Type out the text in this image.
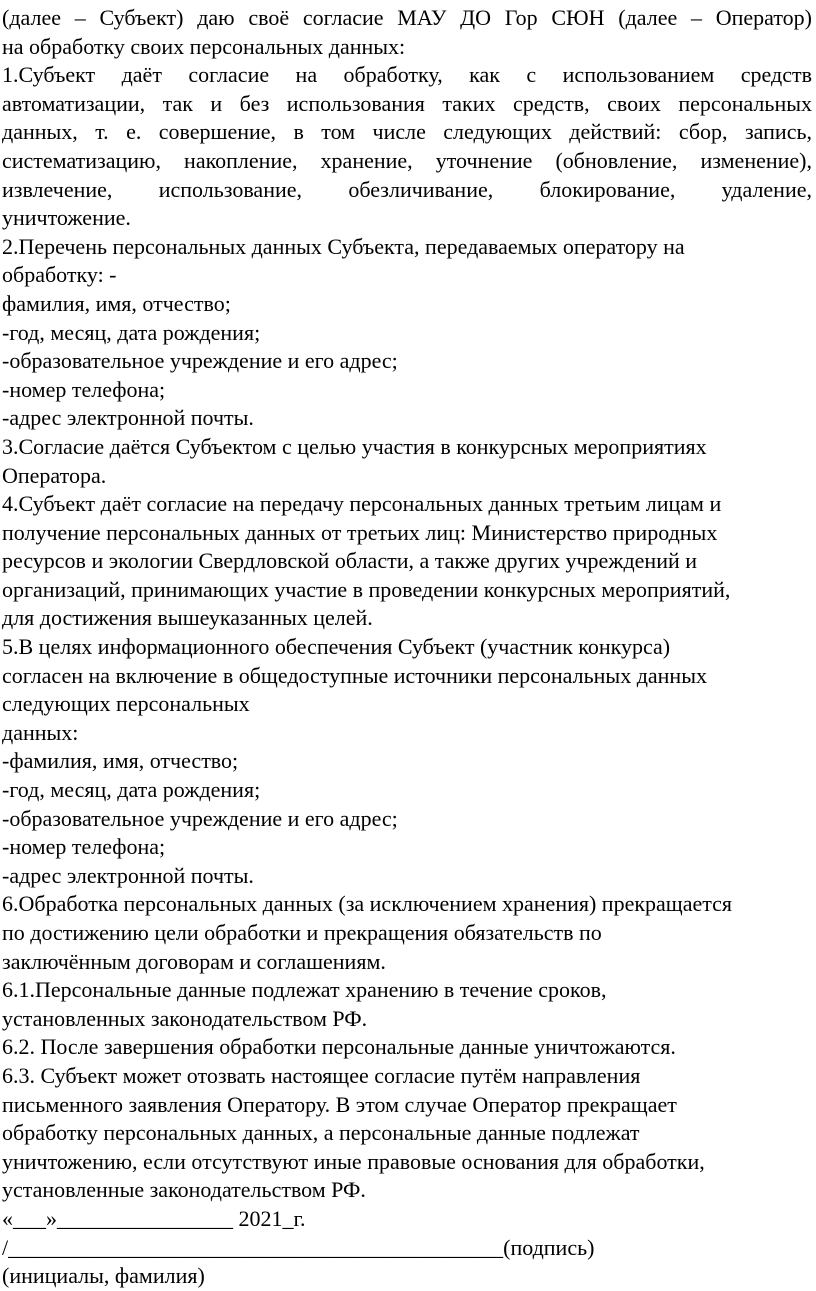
(далее – Субъект) даю своё согласие МАУ ДО Гор СЮН (далее – Оператор)
на обработку своих персональных данных:
1.Субъект даёт согласие на обработку, как с использованием средств
автоматизации, так и без использования таких средств, своих персональных
данных, т. е. совершение, в том числе следующих действий: сбор, запись,
систематизацию, накопление, хранение, уточнение (обновление, изменение),
извлечение, использование, обезличивание, блокирование, удаление,
уничтожение.
2.Перечень персональных данных Субъекта, передаваемых оператору на
обработку: -
фамилия, имя, отчество;
-год, месяц, дата рождения;
-образовательное учреждение и его адрес;
-номер телефона;
-адрес электронной почты.
3.Согласие даётся Субъектом с целью участия в конкурсных мероприятиях
Оператора.
4.Субъект даёт согласие на передачу персональных данных третьим лицам и
получение персональных данных от третьих лиц: Министерство природных
ресурсов и экологии Свердловской области, а также других учреждений и
организаций, принимающих участие в проведении конкурсных мероприятий,
для достижения вышеуказанных целей.
5.В целях информационного обеспечения Субъект (участник конкурса)
согласен на включение в общедоступные источники персональных данных
следующих персональных
данных:
-фамилия, имя, отчество;
-год, месяц, дата рождения;
-образовательное учреждение и его адрес;
-номер телефона;
-адрес электронной почты.
6.Обработка персональных данных (за исключением хранения) прекращается
по достижению цели обработки и прекращения обязательств по
заключённым договорам и соглашениям.
6.1.Персональные данные подлежат хранению в течение сроков,
установленных законодательством РФ.
6.2. После завершения обработки персональные данные уничтожаются.
6.3. Субъект может отозвать настоящее согласие путём направления
письменного заявления Оператору. В этом случае Оператор прекращает
обработку персональных данных, а персональные данные подлежат
уничтожению, если отсутствуют иные правовые основания для обработки,
установленные законодательством РФ.
«___»________________ 2021_г.
/_____________________________________________(подпись)
(инициалы, фамилия)
